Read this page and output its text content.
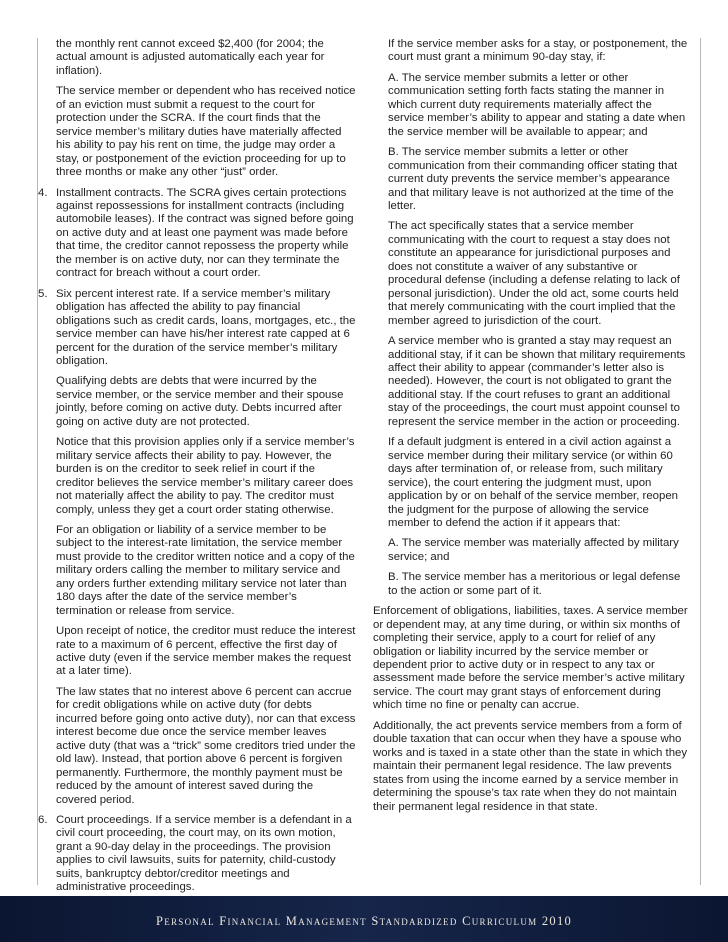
the monthly rent cannot exceed $2,400 (for 2004; the actual amount is adjusted automatically each year for inflation).

The service member or dependent who has received notice of an eviction must submit a request to the court for protection under the SCRA. If the court finds that the service member’s military duties have materially affected his ability to pay his rent on time, the judge may order a stay, or postponement of the eviction proceeding for up to three months or make any other “just” order.

4. Installment contracts. The SCRA gives certain protections against repossessions for installment contracts (including automobile leases). If the contract was signed before going on active duty and at least one payment was made before that time, the creditor cannot repossess the property while the member is on active duty, nor can they terminate the contract for breach without a court order.
5. Six percent interest rate. If a service member’s military obligation has affected the ability to pay financial obligations such as credit cards, loans, mortgages, etc., the service member can have his/her interest rate capped at 6 percent for the duration of the service member’s military obligation.

Qualifying debts are debts that were incurred by the service member, or the service member and their spouse jointly, before coming on active duty. Debts incurred after going on active duty are not protected.

Notice that this provision applies only if a service member’s military service affects their ability to pay. However, the burden is on the creditor to seek relief in court if the creditor believes the service member’s military career does not materially affect the ability to pay. The creditor must comply, unless they get a court order stating otherwise.

For an obligation or liability of a service member to be subject to the interest-rate limitation, the service member must provide to the creditor written notice and a copy of the military orders calling the member to military service and any orders further extending military service not later than 180 days after the date of the service member’s termination or release from service.

Upon receipt of notice, the creditor must reduce the interest rate to a maximum of 6 percent, effective the first day of active duty (even if the service member makes the request at a later time).

The law states that no interest above 6 percent can accrue for credit obligations while on active duty (for debts incurred before going onto active duty), nor can that excess interest become due once the service member leaves active duty (that was a “trick” some creditors tried under the old law). Instead, that portion above 6 percent is forgiven permanently. Furthermore, the monthly payment must be reduced by the amount of interest saved during the covered period.

6. Court proceedings. If a service member is a defendant in a civil court proceeding, the court may, on its own motion, grant a 90-day delay in the proceedings. The provision applies to civil lawsuits, suits for paternity, child-custody suits, bankruptcy debtor/creditor meetings and administrative proceedings.

If the service member asks for a stay, or postponement, the court must grant a minimum 90-day stay, if:

A. The service member submits a letter or other communication setting forth facts stating the manner in which current duty requirements materially affect the service member’s ability to appear and stating a date when the service member will be available to appear; and

B. The service member submits a letter or other communication from their commanding officer stating that current duty prevents the service member’s appearance and that military leave is not authorized at the time of the letter.

The act specifically states that a service member communicating with the court to request a stay does not constitute an appearance for jurisdictional purposes and does not constitute a waiver of any substantive or procedural defense (including a defense relating to lack of personal jurisdiction). Under the old act, some courts held that merely communicating with the court implied that the member agreed to jurisdiction of the court.

A service member who is granted a stay may request an additional stay, if it can be shown that military requirements affect their ability to appear (commander’s letter also is needed). However, the court is not obligated to grant the additional stay. If the court refuses to grant an additional stay of the proceedings, the court must appoint counsel to represent the service member in the action or proceeding.

If a default judgment is entered in a civil action against a service member during their military service (or within 60 days after termination of, or release from, such military service), the court entering the judgment must, upon application by or on behalf of the service member, reopen the judgment for the purpose of allowing the service member to defend the action if it appears that:

A. The service member was materially affected by military service; and

B. The service member has a meritorious or legal defense to the action or some part of it.

Enforcement of obligations, liabilities, taxes. A service member or dependent may, at any time during, or within six months of completing their service, apply to a court for relief of any obligation or liability incurred by the service member or dependent prior to active duty or in respect to any tax or assessment made before the service member’s active military service. The court may grant stays of enforcement during which time no fine or penalty can accrue.

Additionally, the act prevents service members from a form of double taxation that can occur when they have a spouse who works and is taxed in a state other than the state in which they maintain their permanent legal residence. The law prevents states from using the income earned by a service member in determining the spouse’s tax rate when they do not maintain their permanent legal residence in that state.

Personal Financial Management Standardized Curriculum 2010
